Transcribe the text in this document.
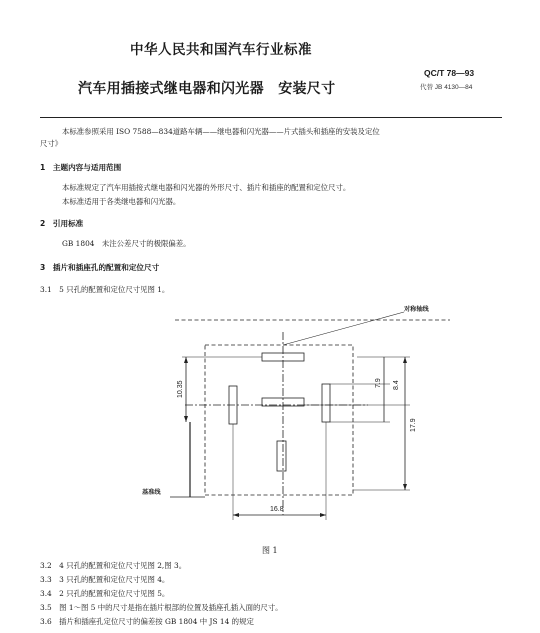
中华人民共和国汽车行业标准
汽车用插接式继电器和闪光器　安装尺寸
QC/T 78—93
代替 JB 4130—84
本标准参照采用 ISO 7588—834道路车辆——继电器和闪光器——片式插头和插座的安装及定位
尺寸》
1　 主题内容与适用范围
本标准规定了汽车用插接式继电器和闪光器的外形尺寸、插片和插座的配置和定位尺寸。
本标准适用于各类继电器和闪光器。
2　 引用标准
GB 1804　未注公差尺寸的极限偏差。
3　 插片和插座孔的配置和定位尺寸
3.1　5 只孔的配置和定位尺寸见图 1。
10.35	7.9 8.4
17.9
16.8
对称轴线
基准线
图 1
3.2　4 只孔的配置和定位尺寸见图 2,图 3。
3.3　3 只孔的配置和定位尺寸见图 4。
3.4　2 只孔的配置和定位尺寸见图 5。
3.5　图 1～图 5 中的尺寸是指在插片根部的位置及插座孔插入面的尺寸。
3.6　插片和插座孔定位尺寸的偏差按 GB 1804 中 JS 14 的规定
